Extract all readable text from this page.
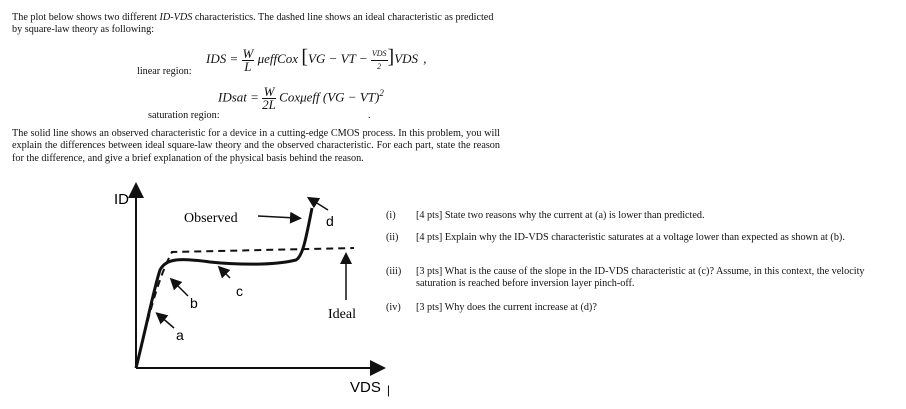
The plot below shows two different ID-VDS characteristics. The dashed line shows an ideal characteristic as predicted by square-law theory as following:
linear region:
IDS = $\frac{W}{L}$ μeffCox [VG − VT − $\frac{\text{VDS}}{2} ]VDS$ ,
saturation region:
IDsat = $\frac{W}{2L}$ Coxμeff (VG − VT)$^2$
.
The solid line shows an observed characteristic for a device in a cutting-edge CMOS process. In this problem, you will explain the differences between ideal square-law theory and the observed characteristic. For each part, state the reason for the difference, and give a brief explanation of the physical basis behind the reason.
ID
VDS |
Observed	d
Ideal
c
b
a
(i) [4 pts] State two reasons why the current at (a) is lower than predicted.
(ii)	[4 pts] Explain why the ID-VDS characteristic saturates at a voltage lower than expected as shown at (b).
(iii)	[3 pts] What is the cause of the slope in the ID-VDS characteristic at (c)? Assume, in this context, the velocity saturation is reached before inversion layer pinch-off.
(iv) [3 pts] Why does the current increase at (d)?
